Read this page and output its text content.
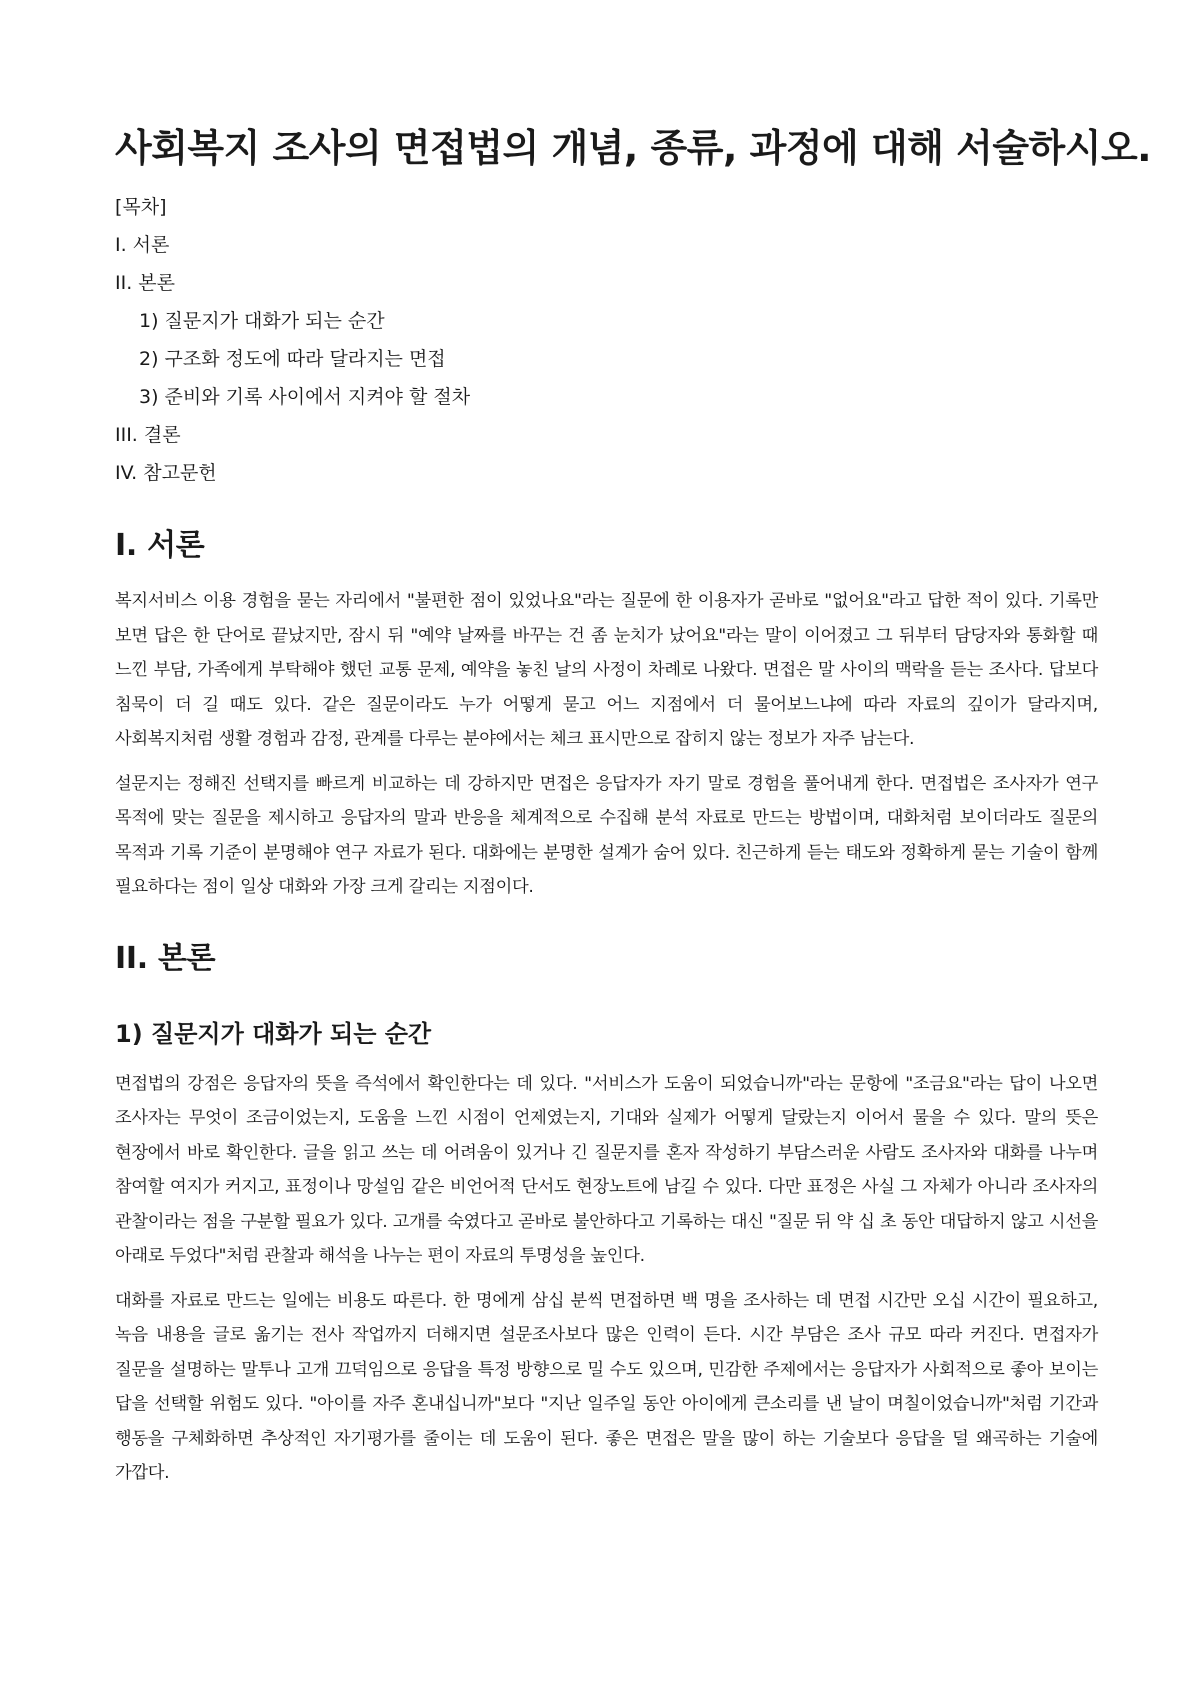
사회복지 조사의 면접법의 개념, 종류, 과정에 대해 서술하시오.

[목차]

I. 서론

II. 본론

1) 질문지가 대화가 되는 순간

2) 구조화 정도에 따라 달라지는 면접

3) 준비와 기록 사이에서 지켜야 할 절차

III. 결론

IV. 참고문헌

I. 서론

복지서비스 이용 경험을 묻는 자리에서 "불편한 점이 있었나요"라는 질문에 한 이용자가 곧바로 "없어요"라고 답한 적이 있다. 기록만 보면 답은 한 단어로 끝났지만, 잠시 뒤 "예약 날짜를 바꾸는 건 좀 눈치가 났어요"라는 말이 이어졌고 그 뒤부터 담당자와 통화할 때 느낀 부담, 가족에게 부탁해야 했던 교통 문제, 예약을 놓친 날의 사정이 차례로 나왔다. 면접은 말 사이의 맥락을 듣는 조사다. 답보다 침묵이 더 길 때도 있다. 같은 질문이라도 누가 어떻게 묻고 어느 지점에서 더 물어보느냐에 따라 자료의 깊이가 달라지며, 사회복지처럼 생활 경험과 감정, 관계를 다루는 분야에서는 체크 표시만으로 잡히지 않는 정보가 자주 남는다.

설문지는 정해진 선택지를 빠르게 비교하는 데 강하지만 면접은 응답자가 자기 말로 경험을 풀어내게 한다. 면접법은 조사자가 연구 목적에 맞는 질문을 제시하고 응답자의 말과 반응을 체계적으로 수집해 분석 자료로 만드는 방법이며, 대화처럼 보이더라도 질문의 목적과 기록 기준이 분명해야 연구 자료가 된다. 대화에는 분명한 설계가 숨어 있다. 친근하게 듣는 태도와 정확하게 묻는 기술이 함께 필요하다는 점이 일상 대화와 가장 크게 갈리는 지점이다.

II. 본론
1) 질문지가 대화가 되는 순간

면접법의 강점은 응답자의 뜻을 즉석에서 확인한다는 데 있다. "서비스가 도움이 되었습니까"라는 문항에 "조금요"라는 답이 나오면 조사자는 무엇이 조금이었는지, 도움을 느낀 시점이 언제였는지, 기대와 실제가 어떻게 달랐는지 이어서 물을 수 있다. 말의 뜻은 현장에서 바로 확인한다. 글을 읽고 쓰는 데 어려움이 있거나 긴 질문지를 혼자 작성하기 부담스러운 사람도 조사자와 대화를 나누며 참여할 여지가 커지고, 표정이나 망설임 같은 비언어적 단서도 현장노트에 남길 수 있다. 다만 표정은 사실 그 자체가 아니라 조사자의 관찰이라는 점을 구분할 필요가 있다. 고개를 숙였다고 곧바로 불안하다고 기록하는 대신 "질문 뒤 약 십 초 동안 대답하지 않고 시선을 아래로 두었다"처럼 관찰과 해석을 나누는 편이 자료의 투명성을 높인다.

대화를 자료로 만드는 일에는 비용도 따른다. 한 명에게 삼십 분씩 면접하면 백 명을 조사하는 데 면접 시간만 오십 시간이 필요하고, 녹음 내용을 글로 옮기는 전사 작업까지 더해지면 설문조사보다 많은 인력이 든다. 시간 부담은 조사 규모 따라 커진다. 면접자가 질문을 설명하는 말투나 고개 끄덕임으로 응답을 특정 방향으로 밀 수도 있으며, 민감한 주제에서는 응답자가 사회적으로 좋아 보이는 답을 선택할 위험도 있다. "아이를 자주 혼내십니까"보다 "지난 일주일 동안 아이에게 큰소리를 낸 날이 며칠이었습니까"처럼 기간과 행동을 구체화하면 추상적인 자기평가를 줄이는 데 도움이 된다. 좋은 면접은 말을 많이 하는 기술보다 응답을 덜 왜곡하는 기술에 가깝다.
